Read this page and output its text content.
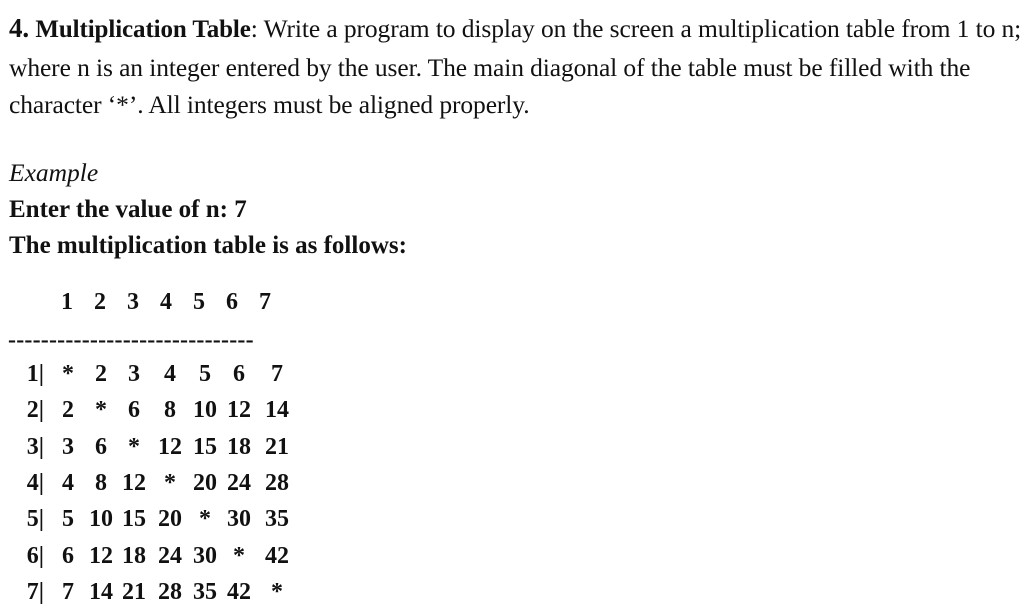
4. Multiplication Table: Write a program to display on the screen a multiplication table from 1 to n; where n is an integer entered by the user. The main diagonal of the table must be filled with the character ‘*’. All integers must be aligned properly.

Example

Enter the value of n: 7

The multiplication table is as follows:

1 2 3 4 5 6 7
------------------------------
1| * 2 3	4 5 6	7
2| 2 * 6	8 10 12 14
3| 3 6 * 12 15 18 21
4| 4 8 12 * 20 24 28
5| 5 10 15 20 * 30 35
6| 6 12 18 24 30 * 42
7| 7 14 21 28 35 42 *
